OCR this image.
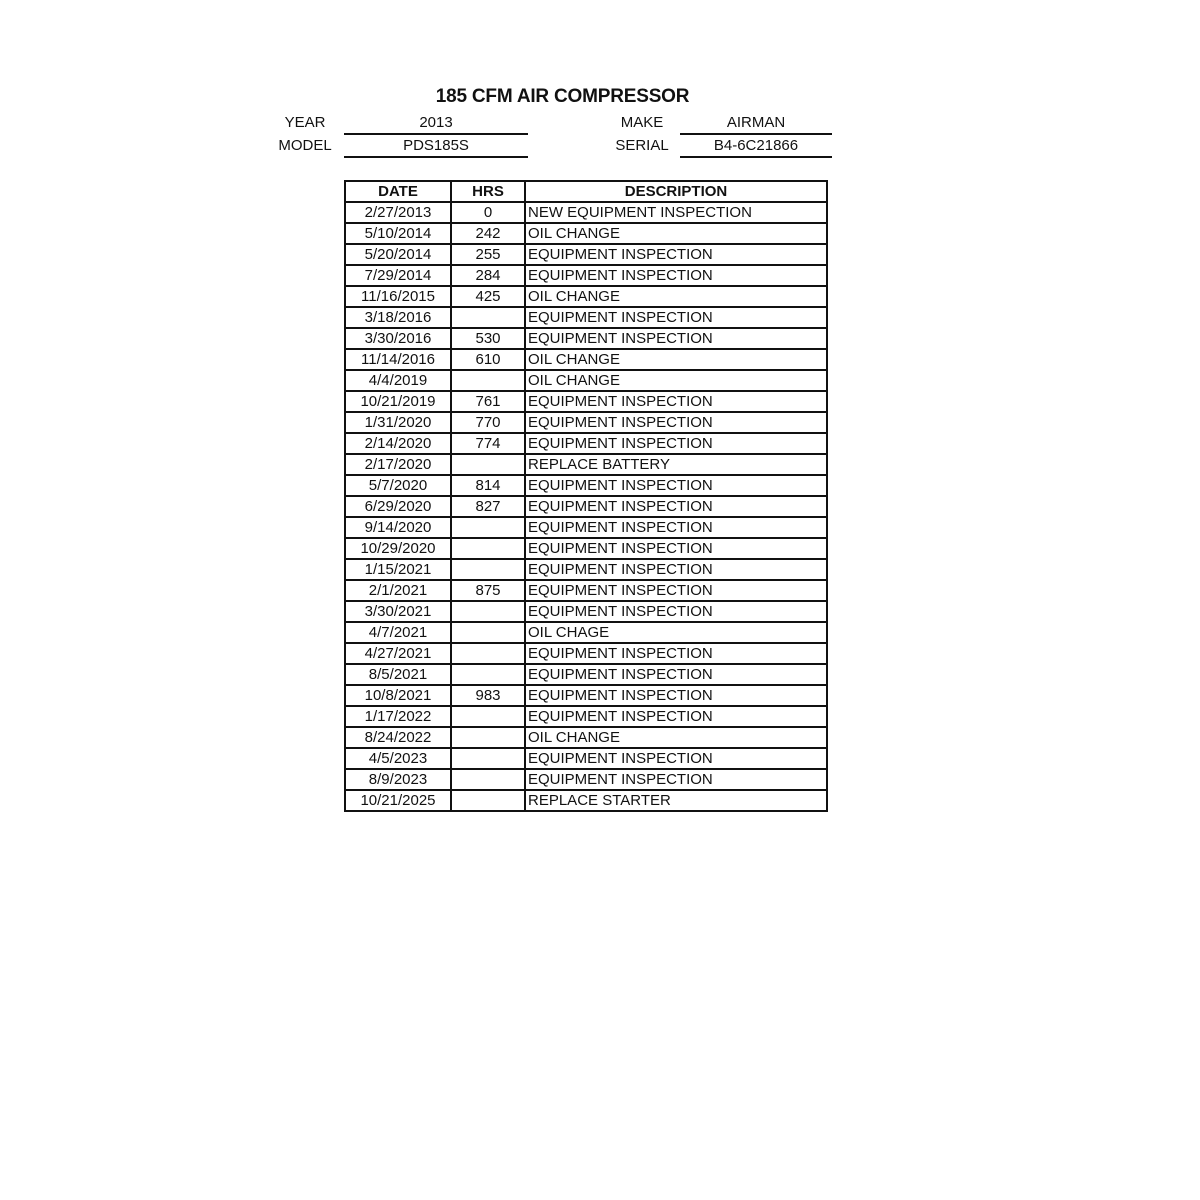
185 CFM AIR COMPRESSOR
YEAR	2013
MODEL	PDS185S
MAKE	AIRMAN
SERIAL	B4-6C21866
DATE	HRS	DESCRIPTION
2/27/2013	0	NEW EQUIPMENT INSPECTION
5/10/2014	242	OIL CHANGE
5/20/2014	255	EQUIPMENT INSPECTION
7/29/2014	284	EQUIPMENT INSPECTION
11/16/2015	425	OIL CHANGE
3/18/2016		EQUIPMENT INSPECTION
3/30/2016	530	EQUIPMENT INSPECTION
11/14/2016	610	OIL CHANGE
4/4/2019		OIL CHANGE
10/21/2019	761	EQUIPMENT INSPECTION
1/31/2020	770	EQUIPMENT INSPECTION
2/14/2020	774	EQUIPMENT INSPECTION
2/17/2020		REPLACE BATTERY
5/7/2020	814	EQUIPMENT INSPECTION
6/29/2020	827	EQUIPMENT INSPECTION
9/14/2020		EQUIPMENT INSPECTION
10/29/2020		EQUIPMENT INSPECTION
1/15/2021		EQUIPMENT INSPECTION
2/1/2021	875	EQUIPMENT INSPECTION
3/30/2021		EQUIPMENT INSPECTION
4/7/2021		OIL CHAGE
4/27/2021		EQUIPMENT INSPECTION
8/5/2021		EQUIPMENT INSPECTION
10/8/2021	983	EQUIPMENT INSPECTION
1/17/2022		EQUIPMENT INSPECTION
8/24/2022		OIL CHANGE
4/5/2023		EQUIPMENT INSPECTION
8/9/2023		EQUIPMENT INSPECTION
10/21/2025		REPLACE STARTER
